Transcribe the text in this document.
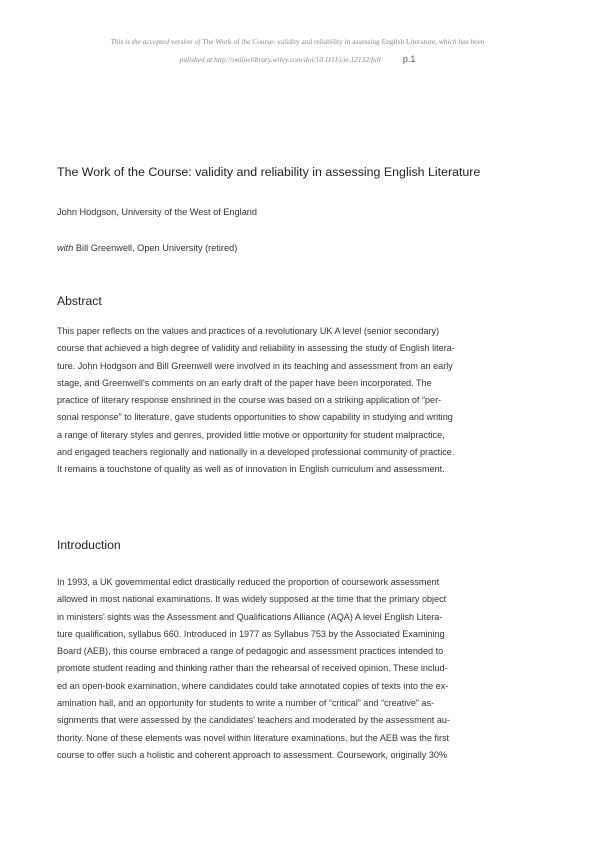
This is the accepted version of The Work of the Course: validity and reliability in assessing English Literature, which has been
pulished at http://onlinelibrary.wiley.com/doi/10.1111/cie.12132/full p.1
The Work of the Course: validity and reliability in assessing English Literature
John Hodgson, University of the West of England
with Bill Greenwell, Open University (retired)
Abstract
This paper reflects on the values and practices of a revolutionary UK A level (senior secondary)
course that achieved a high degree of validity and reliability in assessing the study of English litera-
ture. John Hodgson and Bill Greenwell were involved in its teaching and assessment from an early
stage, and Greenwell's comments on an early draft of the paper have been incorporated. The
practice of literary response enshrined in the course was based on a striking application of “per-
sonal response” to literature, gave students opportunities to show capability in studying and writing
a range of literary styles and genres, provided little motive or opportunity for student malpractice,
and engaged teachers regionally and nationally in a developed professional community of practice.
It remains a touchstone of quality as well as of innovation in English curriculum and assessment.
Introduction
In 1993, a UK governmental edict drastically reduced the proportion of coursework assessment
allowed in most national examinations. It was widely supposed at the time that the primary object
in ministers' sights was the Assessment and Qualifications Alliance (AQA) A level English Litera-
ture qualification, syllabus 660. Introduced in 1977 as Syllabus 753 by the Associated Examining
Board (AEB), this course embraced a range of pedagogic and assessment practices intended to
promote student reading and thinking rather than the rehearsal of received opinion. These includ-
ed an open-book examination, where candidates could take annotated copies of texts into the ex-
amination hall, and an opportunity for students to write a number of “critical” and “creative” as-
signments that were assessed by the candidates' teachers and moderated by the assessment au-
thority. None of these elements was novel within literature examinations, but the AEB was the first
course to offer such a holistic and coherent approach to assessment. Coursework, originally 30%
